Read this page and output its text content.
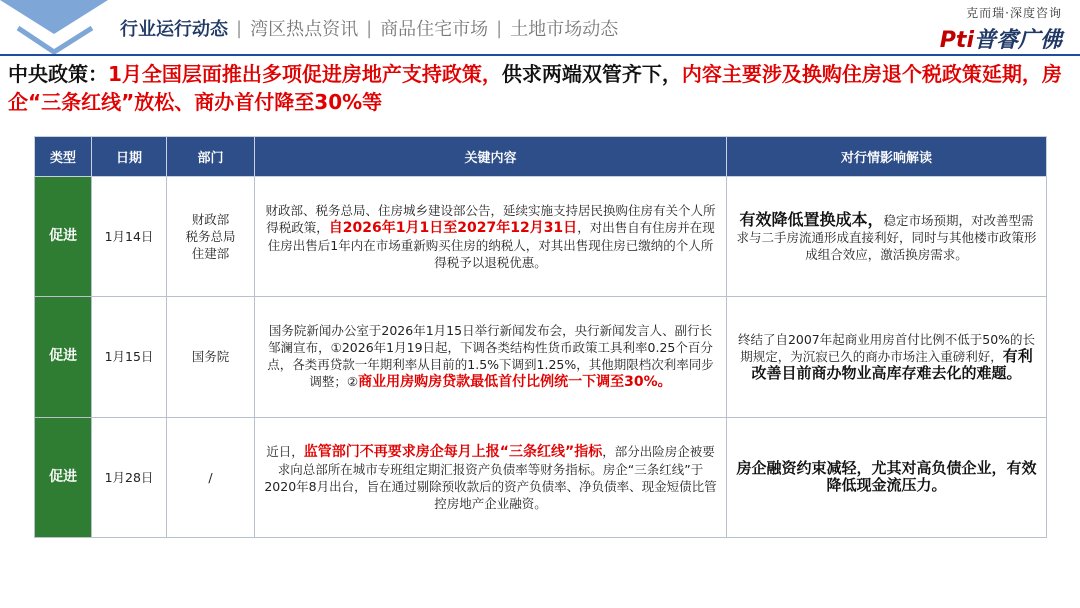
行业运行动态 | 湾区热点资讯 | 商品住宅市场 | 土地市场动态
克而瑞·深度咨询
Pti普睿广佛
中央政策：1月全国层面推出多项促进房地产支持政策，供求两端双管齐下，内容主要涉及换购住房退个税政策延期，房企“三条红线”放松、商办首付降至30%等
类型	日期	部门	关键内容	对行情影响解读
促进	1月14日	财政部
税务总局
住建部	财政部、税务总局、住房城乡建设部公告，延续实施支持居民换购住房有关个人所得税政策，自2026年1月1日至2027年12月31日，对出售自有住房并在现住房出售后1年内在市场重新购买住房的纳税人，对其出售现住房已缴纳的个人所得税予以退税优惠。	有效降低置换成本，稳定市场预期，对改善型需求与二手房流通形成直接利好，同时与其他楼市政策形成组合效应，激活换房需求。
促进	1月15日	国务院	国务院新闻办公室于2026年1月15日举行新闻发布会，央行新闻发言人、副行长邹澜宣布，①2026年1月19日起，下调各类结构性货币政策工具利率0.25个百分点，各类再贷款一年期利率从目前的1.5%下调到1.25%，其他期限档次利率同步调整；②商业用房购房贷款最低首付比例统一下调至30%。	终结了自2007年起商业用房首付比例不低于50%的长期规定，为沉寂已久的商办市场注入重磅利好，有利改善目前商办物业高库存难去化的难题。
促进	1月28日	/	近日，监管部门不再要求房企每月上报“三条红线”指标，部分出险房企被要求向总部所在城市专班组定期汇报资产负债率等财务指标。房企“三条红线”于2020年8月出台，旨在通过剔除预收款后的资产负债率、净负债率、现金短债比管控房地产企业融资。	房企融资约束减轻，尤其对高负债企业，有效降低现金流压力。
